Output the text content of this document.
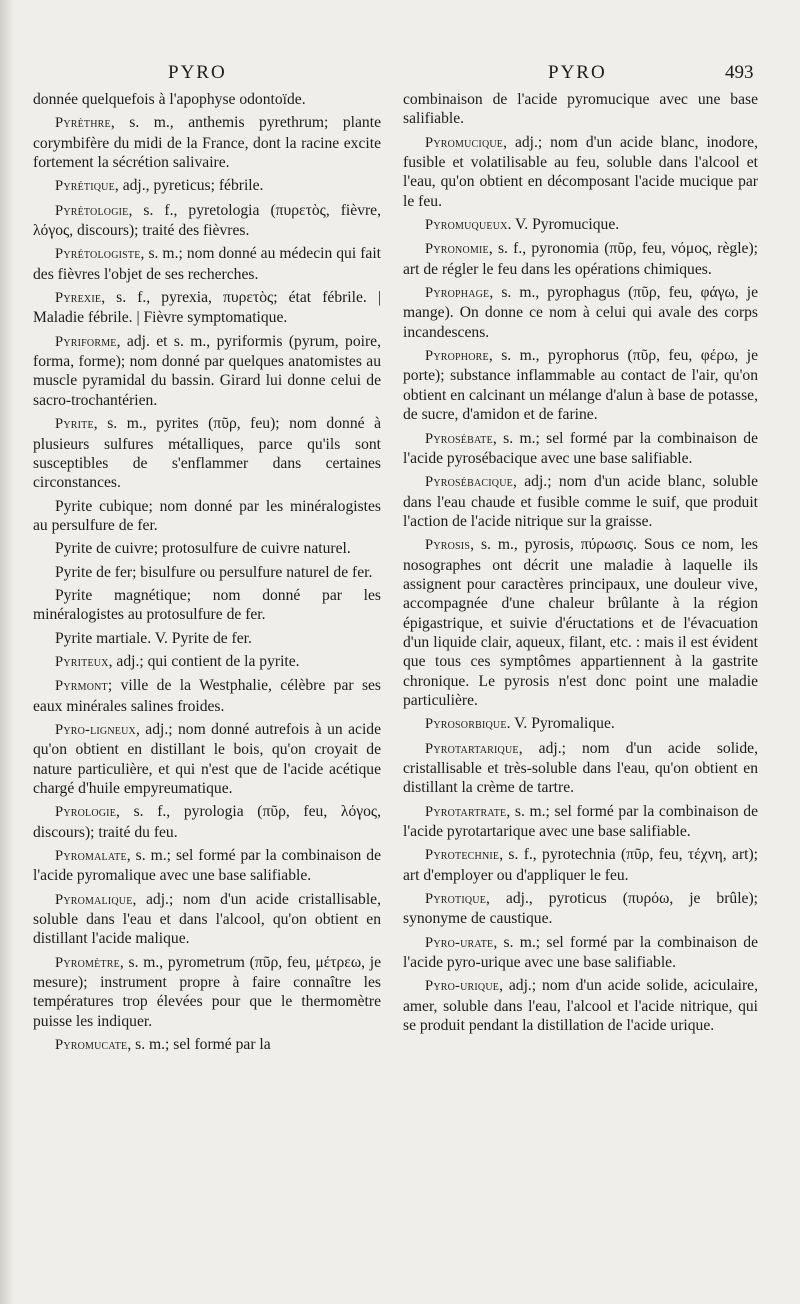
PYRO	PYRO	493

donnée quelquefois à l'apophyse odontoïde.

Pyrèthre, s. m., anthemis pyrethrum; plante corymbifère du midi de la France, dont la racine excite fortement la sécrétion salivaire.

Pyrétique, adj., pyreticus; fébrile.

Pyrétologie, s. f., pyretologia (πυρετὸς, fièvre, λόγος, discours); traité des fièvres.

Pyrétologiste, s. m.; nom donné au médecin qui fait des fièvres l'objet de ses recherches.

Pyrexie, s. f., pyrexia, πυρετὸς; état fébrile. | Maladie fébrile. | Fièvre symptomatique.

Pyriforme, adj. et s. m., pyriformis (pyrum, poire, forma, forme); nom donné par quelques anatomistes au muscle pyramidal du bassin. Girard lui donne celui de sacro-trochantérien.

Pyrite, s. m., pyrites (πῦρ, feu); nom donné à plusieurs sulfures métalliques, parce qu'ils sont susceptibles de s'enflammer dans certaines circonstances.

Pyrite cubique; nom donné par les minéralogistes au persulfure de fer.

Pyrite de cuivre; protosulfure de cuivre naturel.

Pyrite de fer; bisulfure ou persulfure naturel de fer.

Pyrite magnétique; nom donné par les minéralogistes au protosulfure de fer.

Pyrite martiale. V. Pyrite de fer.

Pyriteux, adj.; qui contient de la pyrite.

Pyrmont; ville de la Westphalie, célèbre par ses eaux minérales salines froides.

Pyro-ligneux, adj.; nom donné autrefois à un acide qu'on obtient en distillant le bois, qu'on croyait de nature particulière, et qui n'est que de l'acide acétique chargé d'huile empyreumatique.

Pyrologie, s. f., pyrologia (πῦρ, feu, λόγος, discours); traité du feu.

Pyromalate, s. m.; sel formé par la combinaison de l'acide pyromalique avec une base salifiable.

Pyromalique, adj.; nom d'un acide cristallisable, soluble dans l'eau et dans l'alcool, qu'on obtient en distillant l'acide malique.

Pyromètre, s. m., pyrometrum (πῦρ, feu, μέτρεω, je mesure); instrument propre à faire connaître les températures trop élevées pour que le thermomètre puisse les indiquer.

Pyromucate, s. m.; sel formé par la

combinaison de l'acide pyromucique avec une base salifiable.

Pyromucique, adj.; nom d'un acide blanc, inodore, fusible et volatilisable au feu, soluble dans l'alcool et l'eau, qu'on obtient en décomposant l'acide mucique par le feu.

Pyromuqueux. V. Pyromucique.

Pyronomie, s. f., pyronomia (πῦρ, feu, νόμος, règle); art de régler le feu dans les opérations chimiques.

Pyrophage, s. m., pyrophagus (πῦρ, feu, φάγω, je mange). On donne ce nom à celui qui avale des corps incandescens.

Pyrophore, s. m., pyrophorus (πῦρ, feu, φέρω, je porte); substance inflammable au contact de l'air, qu'on obtient en calcinant un mélange d'alun à base de potasse, de sucre, d'amidon et de farine.

Pyrosébate, s. m.; sel formé par la combinaison de l'acide pyrosébacique avec une base salifiable.

Pyrosébacique, adj.; nom d'un acide blanc, soluble dans l'eau chaude et fusible comme le suif, que produit l'action de l'acide nitrique sur la graisse.

Pyrosis, s. m., pyrosis, πύρωσις. Sous ce nom, les nosographes ont décrit une maladie à laquelle ils assignent pour caractères principaux, une douleur vive, accompagnée d'une chaleur brûlante à la région épigastrique, et suivie d'éructations et de l'évacuation d'un liquide clair, aqueux, filant, etc. : mais il est évident que tous ces symptômes appartiennent à la gastrite chronique. Le pyrosis n'est donc point une maladie particulière.

Pyrosorbique. V. Pyromalique.

Pyrotartarique, adj.; nom d'un acide solide, cristallisable et très-soluble dans l'eau, qu'on obtient en distillant la crème de tartre.

Pyrotartrate, s. m.; sel formé par la combinaison de l'acide pyrotartarique avec une base salifiable.

Pyrotechnie, s. f., pyrotechnia (πῦρ, feu, τέχνη, art); art d'employer ou d'appliquer le feu.

Pyrotique, adj., pyroticus (πυρόω, je brûle); synonyme de caustique.

Pyro-urate, s. m.; sel formé par la combinaison de l'acide pyro-urique avec une base salifiable.

Pyro-urique, adj.; nom d'un acide solide, aciculaire, amer, soluble dans l'eau, l'alcool et l'acide nitrique, qui se produit pendant la distillation de l'acide urique.
